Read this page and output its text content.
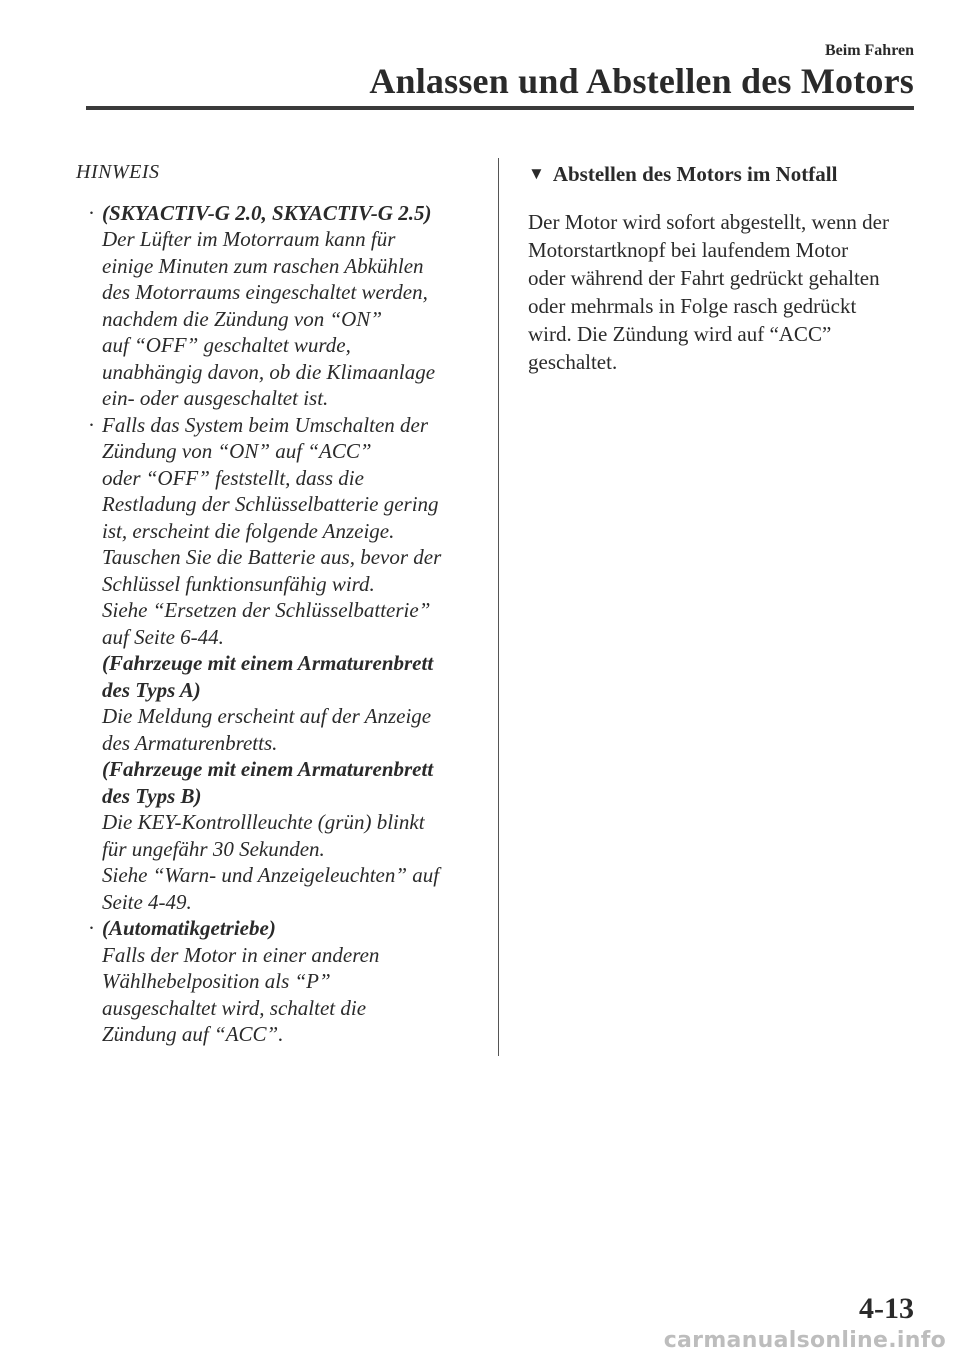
Beim Fahren
Anlassen und Abstellen des Motors
HINWEIS
· (SKYACTIV-G 2.0, SKYACTIV-G 2.5)
Der Lüfter im Motorraum kann für
einige Minuten zum raschen Abkühlen
des Motorraums eingeschaltet werden,
nachdem die Zündung von “ON”
auf “OFF” geschaltet wurde,
unabhängig davon, ob die Klimaanlage
ein- oder ausgeschaltet ist.
· Falls das System beim Umschalten der
Zündung von “ON” auf “ACC”
oder “OFF” feststellt, dass die
Restladung der Schlüsselbatterie gering
ist, erscheint die folgende Anzeige.
Tauschen Sie die Batterie aus, bevor der
Schlüssel funktionsunfähig wird.
Siehe “Ersetzen der Schlüsselbatterie”
auf Seite 6-44.
(Fahrzeuge mit einem Armaturenbrett
des Typs A)
Die Meldung erscheint auf der Anzeige
des Armaturenbretts.
(Fahrzeuge mit einem Armaturenbrett
des Typs B)
Die KEY-Kontrollleuchte (grün) blinkt
für ungefähr 30 Sekunden.
Siehe “Warn- und Anzeigeleuchten” auf
Seite 4-49.
· (Automatikgetriebe)
Falls der Motor in einer anderen
Wählhebelposition als “P”
ausgeschaltet wird, schaltet die
Zündung auf “ACC”.
▼ Abstellen des Motors im Notfall
Der Motor wird sofort abgestellt, wenn der
Motorstartknopf bei laufendem Motor
oder während der Fahrt gedrückt gehalten
oder mehrmals in Folge rasch gedrückt
wird. Die Zündung wird auf “ACC”
geschaltet.
4-13
carmanualsonline.info
